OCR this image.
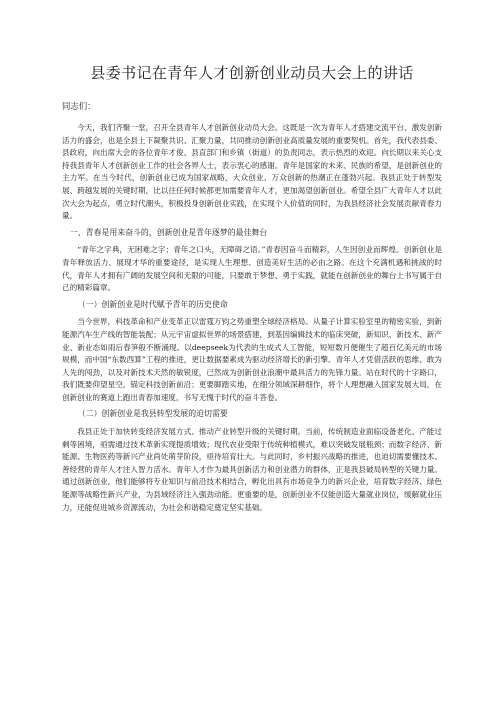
县委书记在青年人才创新创业动员大会上的讲话
同志们：

今天，我们齐聚一堂，召开全县青年人才创新创业动员大会。这既是一次为青年人才搭建交流平台、激发创新活力的盛会，也是全县上下凝聚共识、汇聚力量，共同推动创新创业高质量发展的重要契机。首先，我代表县委、县政府，向出席大会的各位青年才俊、县直部门和乡镇（街道）的负责同志，表示热烈的欢迎。向长期以来关心支持我县青年人才创新创业工作的社会各界人士，表示衷心的感谢。青年是国家的未来、民族的希望，是创新创业的主力军。在当今时代，创新创业已成为国家战略，大众创业、万众创新的热潮正在蓬勃兴起。我县正处于转型发展、跨越发展的关键时期，比以往任何时候都更加需要青年人才，更加渴望创新创业。希望全县广大青年人才以此次大会为起点，勇立时代潮头，积极投身创新创业实践，在实现个人价值的同时，为我县经济社会发展贡献青春力量。

一、青春是用来奋斗的，创新创业是青年逐梦的最佳舞台

“青年之字典，无困难之字；青年之口头，无障碍之语。”青春因奋斗而精彩，人生因创业而辉煌。创新创业是青年释放活力、展现才华的重要途径，是实现人生理想、创造美好生活的必由之路。在这个充满机遇和挑战的时代，青年人才拥有广阔的发展空间和无限的可能，只要敢于梦想、勇于实践，就能在创新创业的舞台上书写属于自己的精彩篇章。

（一）创新创业是时代赋予青年的历史使命

当今世界，科技革命和产业变革正以雷霆万钧之势重塑全球经济格局。从量子计算实验室里的精密实验，到新能源汽车生产线的智能装配；从元宇宙虚拟世界的场景搭建，到基因编辑技术的临床突破，新知识、新技术、新产业、新业态如雨后春笋般不断涌现。以deepseek为代表的生成式人工智能，短短数月便催生了超百亿美元的市场规模，而中国“东数西算”工程的推进，更让数据要素成为驱动经济增长的新引擎。青年人才凭借活跃的思维、敢为人先的闯劲，以及对新技术天然的敏锐度，已然成为创新创业浪潮中最具活力的先锋力量。站在时代的十字路口，我们既要仰望星空，锚定科技创新前沿；更要脚踏实地，在细分领域深耕细作，将个人理想融入国家发展大局，在创新创业的赛道上跑出青春加速度，书写无愧于时代的奋斗答卷。

（二）创新创业是我县转型发展的迫切需要

我县正处于加快转变经济发展方式、推动产业转型升级的关键时期。当前，传统制造业面临设备老化、产能过剩等困境，亟需通过技术革新实现提质增效；现代农业受限于传统种植模式，难以突破发展瓶颈；而数字经济、新能源、生物医药等新兴产业尚处萌芽阶段，亟待培育壮大。与此同时，乡村振兴战略的推进，也迫切需要懂技术、善经营的青年人才注入智力活水。青年人才作为最具创新活力和创业潜力的群体，正是我县破局转型的关键力量。通过创新创业，他们能够将专业知识与前沿技术相结合，孵化出具有市场竞争力的新兴企业，培育数字经济、绿色能源等战略性新兴产业，为县域经济注入强劲动能。更重要的是，创新创业不仅能创造大量就业岗位，缓解就业压力，还能促进城乡资源流动，为社会和谐稳定奠定坚实基础。
